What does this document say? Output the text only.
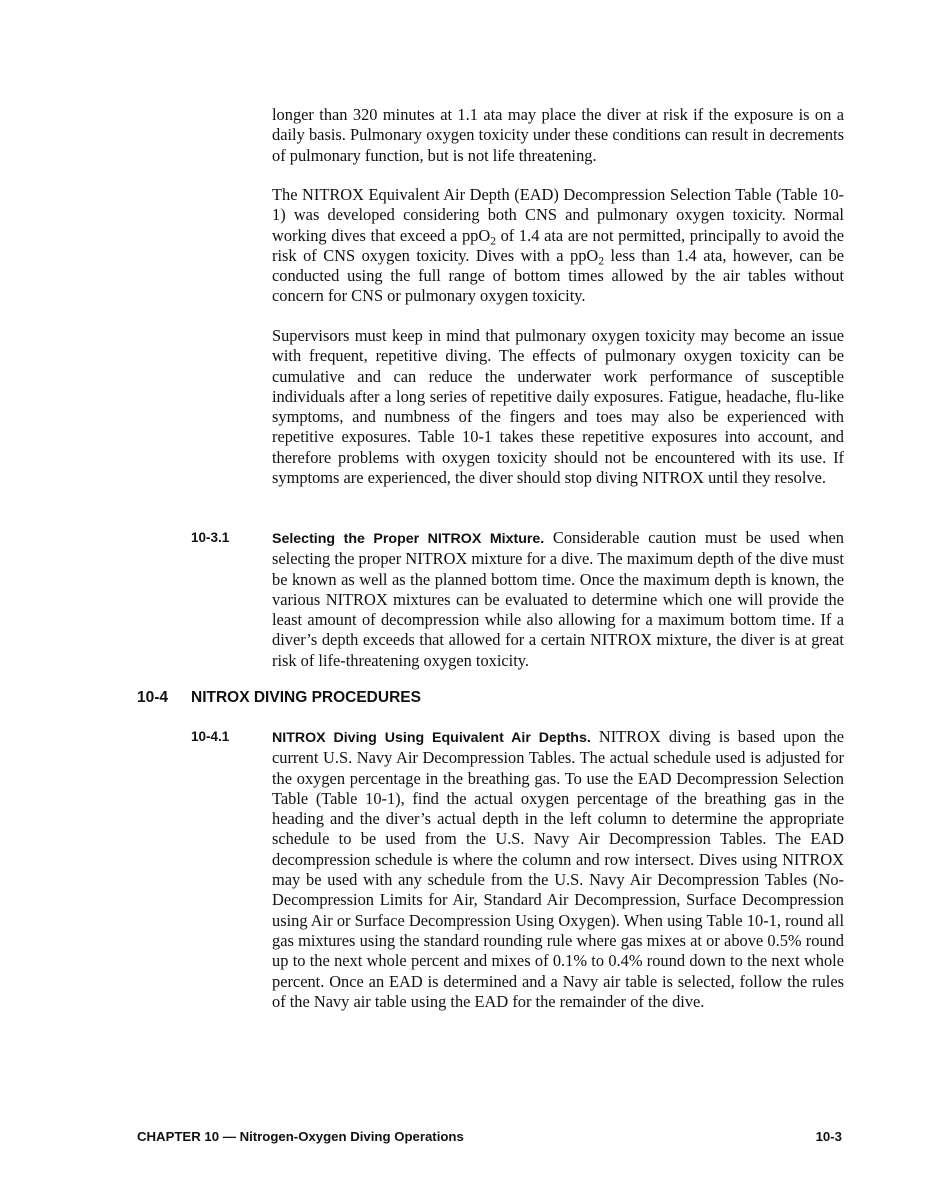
longer than 320 minutes at 1.1 ata may place the diver at risk if the exposure is on a daily basis. Pulmonary oxygen toxicity under these conditions can result in decrements of pulmonary function, but is not life threatening.

The NITROX Equivalent Air Depth (EAD) Decompression Selection Table (Table 10-1) was developed considering both CNS and pulmonary oxygen toxicity. Normal working dives that exceed a ppO$_2$ of 1.4 ata are not permitted, principally to avoid the risk of CNS oxygen toxicity. Dives with a ppO$_2$ less than 1.4 ata, however, can be conducted using the full range of bottom times allowed by the air tables without concern for CNS or pulmonary oxygen toxicity.

Supervisors must keep in mind that pulmonary oxygen toxicity may become an issue with frequent, repetitive diving. The effects of pulmonary oxygen toxicity can be cumulative and can reduce the underwater work performance of susceptible individuals after a long series of repetitive daily exposures. Fatigue, headache, flu-like symptoms, and numbness of the fingers and toes may also be experienced with repetitive exposures. Table 10-1 takes these repetitive exposures into account, and therefore problems with oxygen toxicity should not be encountered with its use. If symptoms are experienced, the diver should stop diving NITROX until they resolve.

10-3.1	Selecting the Proper NITROX Mixture. Considerable caution must be used when selecting the proper NITROX mixture for a dive. The maximum depth of the dive must be known as well as the planned bottom time. Once the maximum depth is known, the various NITROX mixtures can be evaluated to determine which one will provide the least amount of decompression while also allowing for a maximum bottom time. If a diver’s depth exceeds that allowed for a certain NITROX mixture, the diver is at great risk of life-threatening oxygen toxicity.

10-4 NITROX DIVING PROCEDURES
10-4.1	NITROX Diving Using Equivalent Air Depths. NITROX diving is based upon the current U.S. Navy Air Decompression Tables. The actual schedule used is adjusted for the oxygen percentage in the breathing gas. To use the EAD Decompression Selection Table (Table 10-1), find the actual oxygen percentage of the breathing gas in the heading and the diver’s actual depth in the left column to determine the appropriate schedule to be used from the U.S. Navy Air Decompression Tables. The EAD decompression schedule is where the column and row intersect. Dives using NITROX may be used with any schedule from the U.S. Navy Air Decompression Tables (No-Decompression Limits for Air, Standard Air Decompression, Surface Decompression using Air or Surface Decompression Using Oxygen). When using Table 10-1, round all gas mixtures using the standard rounding rule where gas mixes at or above 0.5% round up to the next whole percent and mixes of 0.1% to 0.4% round down to the next whole percent. Once an EAD is determined and a Navy air table is selected, follow the rules of the Navy air table using the EAD for the remainder of the dive.

CHAPTER 10 — Nitrogen-Oxygen Diving Operations	10-3
